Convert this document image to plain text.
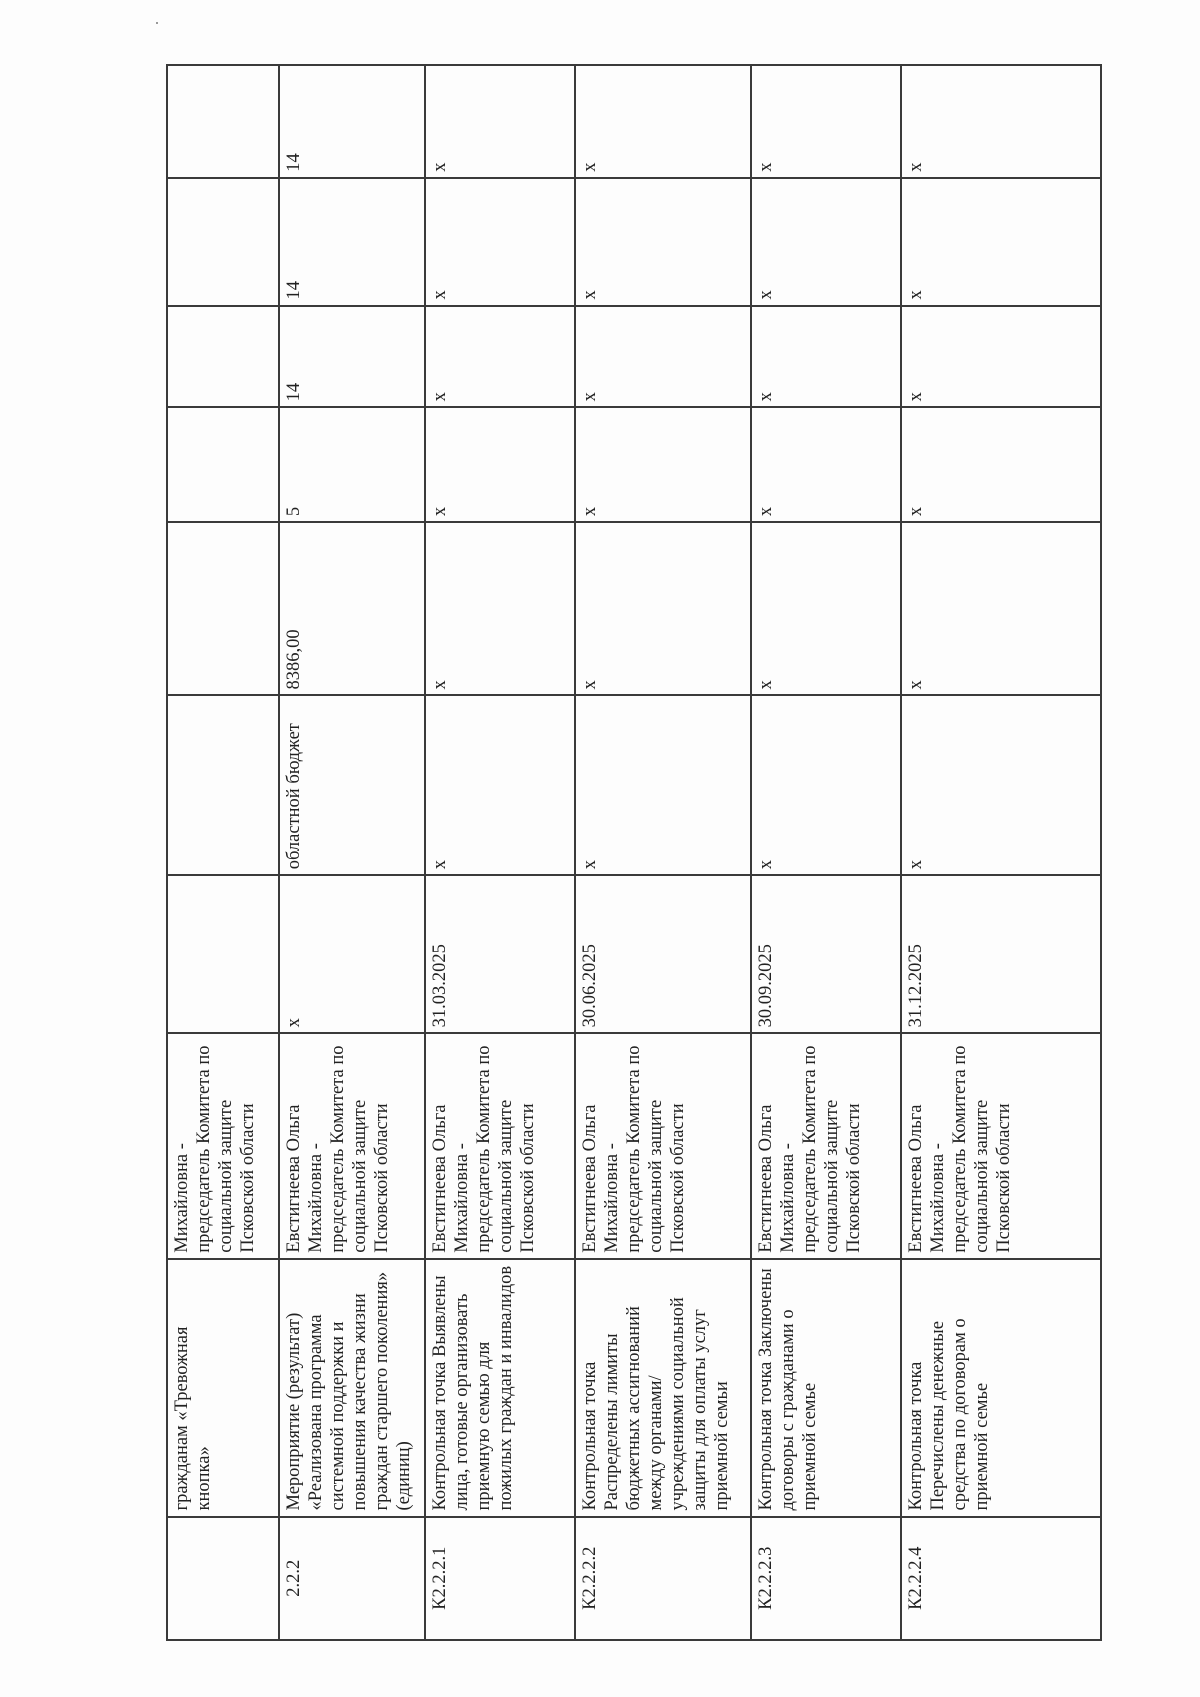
	гражданам «Тревожная кнопка»	Михайловна - председатель Комитета по социальной защите Псковской области							
2.2.2	Мероприятие (результат) «Реализована программа системной поддержки и повышения качества жизни граждан старшего поколения» (единиц)	Евстигнеева Ольга Михайловна - председатель Комитета по социальной защите Псковской области	х	областной бюджет	8386,00	5	14	14	14
К2.2.2.1	Контрольная точка Выявлены лица, готовые организовать приемную семью для пожилых граждан и инвалидов	Евстигнеева Ольга Михайловна - председатель Комитета по социальной защите Псковской области	31.03.2025	х	х	х	х	х	х
К2.2.2.2	Контрольная точка Распределены лимиты бюджетных ассигнований между органами/учреждениями социальной защиты для оплаты услуг приемной семьи	Евстигнеева Ольга Михайловна - председатель Комитета по социальной защите Псковской области	30.06.2025	х	х	х	х	х	х
К2.2.2.3	Контрольная точка Заключены договоры с гражданами о приемной семье	Евстигнеева Ольга Михайловна - председатель Комитета по социальной защите Псковской области	30.09.2025	х	х	х	х	х	х
К2.2.2.4	Контрольная точка Перечислены денежные средства по договорам о приемной семье	Евстигнеева Ольга Михайловна - председатель Комитета по социальной защите Псковской области	31.12.2025	х	х	х	х	х	х
